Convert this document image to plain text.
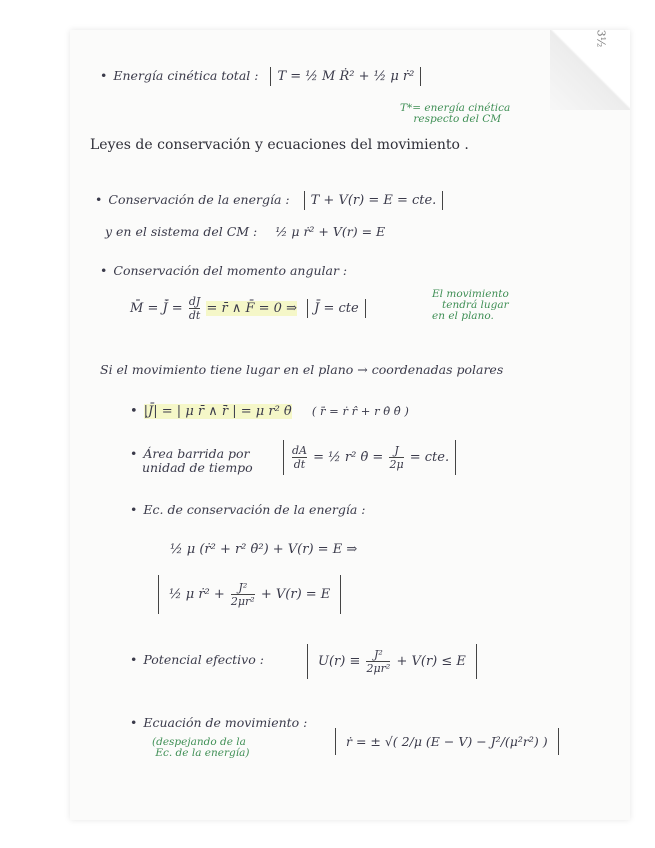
3½
• Energía cinética total : T = ½ M Ṙ² + ½ μ ṙ²
T*= energía cinética
respecto del CM
Leyes de conservación y ecuaciones del movimiento .
• Conservación de la energía : T + V(r) = E = cte.
y en el sistema del CM : ½ μ ṙ² + V(r) = E
• Conservación del momento angular :
M̄ = J̄̇ = $\frac{dJ}{dt}$ = r̄ ∧ F̄ = 0 ⇒ J̄ = cte
El movimiento
tendrá lugar
en el plano.
Si el movimiento tiene lugar en el plano → coordenadas polares
• |J̄| = | μ r̄ ∧ ṙ̄ | = μ r² θ̇ ( ṙ̄ = ṙ r̂ + r θ̇ θ̂ )
• Área barrida por
unidad de tiempo	$\frac{dA}{dt}$ = ½ r² θ̇ = $\frac{J}{2\mu}$ = cte.
• Ec. de conservación de la energía :
½ μ (ṙ² + r² θ̇²) + V(r) = E ⇒
½ μ ṙ² + $\frac{\text{J²}}{\text{2μr²}} + V(r) = E$
• Potencial efectivo :	$U(r) \equiv \frac{\text{J²}}{\text{2μr²}} + V(r) \le E$
• Ecuación de movimiento :
(despejando de la
Ec. de la energía)
ṙ = ± √( 2/μ (E − V) − J²/(μ²r²) )
